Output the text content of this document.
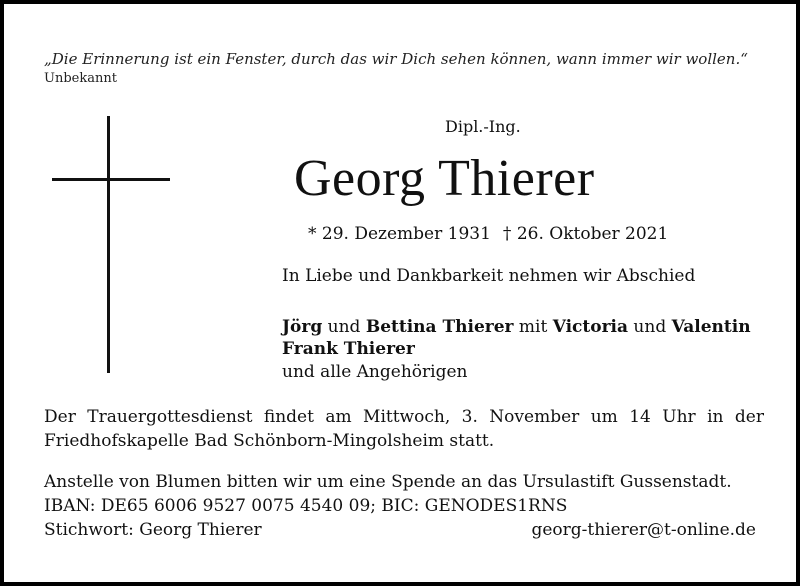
„Die Erinnerung ist ein Fenster, durch das wir Dich sehen können, wann immer wir wollen.“
Unbekannt
Dipl.-Ing.
Georg Thierer
* 29. Dezember 1931 † 26. Oktober 2021
In Liebe und Dankbarkeit nehmen wir Abschied
Jörg und Bettina Thierer mit Victoria und Valentin
Frank Thierer
und alle Angehörigen
Der Trauergottesdienst findet am Mittwoch, 3. November um 14 Uhr in der Friedhofskapelle Bad Schönborn-Mingolsheim statt.
Anstelle von Blumen bitten wir um eine Spende an das Ursulastift Gussenstadt.
IBAN: DE65 6006 9527 0075 4540 09; BIC: GENODES1RNS
Stichwort: Georg Thierer	georg-thierer@t-online.de
